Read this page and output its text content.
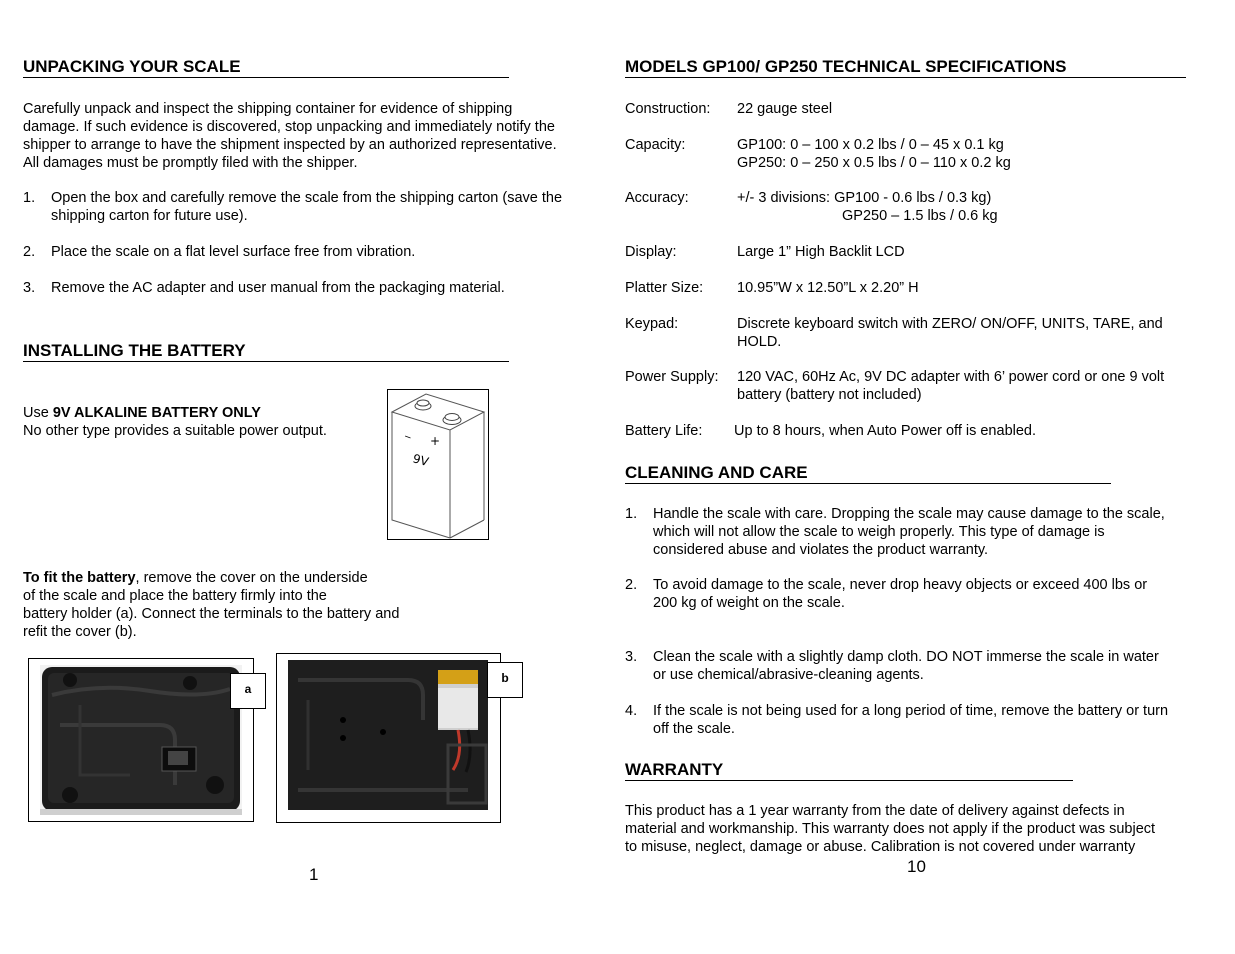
UNPACKING YOUR SCALE
Carefully unpack and inspect the shipping container for evidence of shipping
damage. If such evidence is discovered, stop unpacking and immediately notify the
shipper to arrange to have the shipment inspected by an authorized representative.
All damages must be promptly filed with the shipper.
1. Open the box and carefully remove the scale from the shipping carton (save the
shipping carton for future use).
2. Place the scale on a flat level surface free from vibration.
3. Remove the AC adapter and user manual from the packaging material.
INSTALLING THE BATTERY
Use 9V ALKALINE BATTERY ONLY
No other type provides a suitable power output.	_
+
9V
To fit the battery, remove the cover on the underside
of the scale and place the battery firmly into the
battery holder (a). Connect the terminals to the battery and
refit the cover (b).
a
b
1
MODELS GP100/ GP250 TECHNICAL SPECIFICATIONS
Construction: 22 gauge steel
Capacity:	GP100: 0 – 100 x 0.2 lbs / 0 – 45 x 0.1 kg
GP250: 0 – 250 x 0.5 lbs / 0 – 110 x 0.2 kg
Accuracy:	+/- 3 divisions: GP100 - 0.6 lbs / 0.3 kg)
GP250 – 1.5 lbs / 0.6 kg
Display:	Large 1” High Backlit LCD
Platter Size: 10.95”W x 12.50”L x 2.20” H
Keypad:	Discrete keyboard switch with ZERO/ ON/OFF, UNITS, TARE, and
HOLD.
Power Supply: 120 VAC, 60Hz Ac, 9V DC adapter with 6’ power cord or one 9 volt
battery (battery not included)
Battery Life: Up to 8 hours, when Auto Power off is enabled.
CLEANING AND CARE
1. Handle the scale with care. Dropping the scale may cause damage to the scale,
which will not allow the scale to weigh properly. This type of damage is
considered abuse and violates the product warranty.
2. To avoid damage to the scale, never drop heavy objects or exceed 400 lbs or
200 kg of weight on the scale.
3. Clean the scale with a slightly damp cloth. DO NOT immerse the scale in water
or use chemical/abrasive-cleaning agents.
4. If the scale is not being used for a long period of time, remove the battery or turn
off the scale.
WARRANTY
This product has a 1 year warranty from the date of delivery against defects in
material and workmanship. This warranty does not apply if the product was subject
to misuse, neglect, damage or abuse. Calibration is not covered under warranty
10
